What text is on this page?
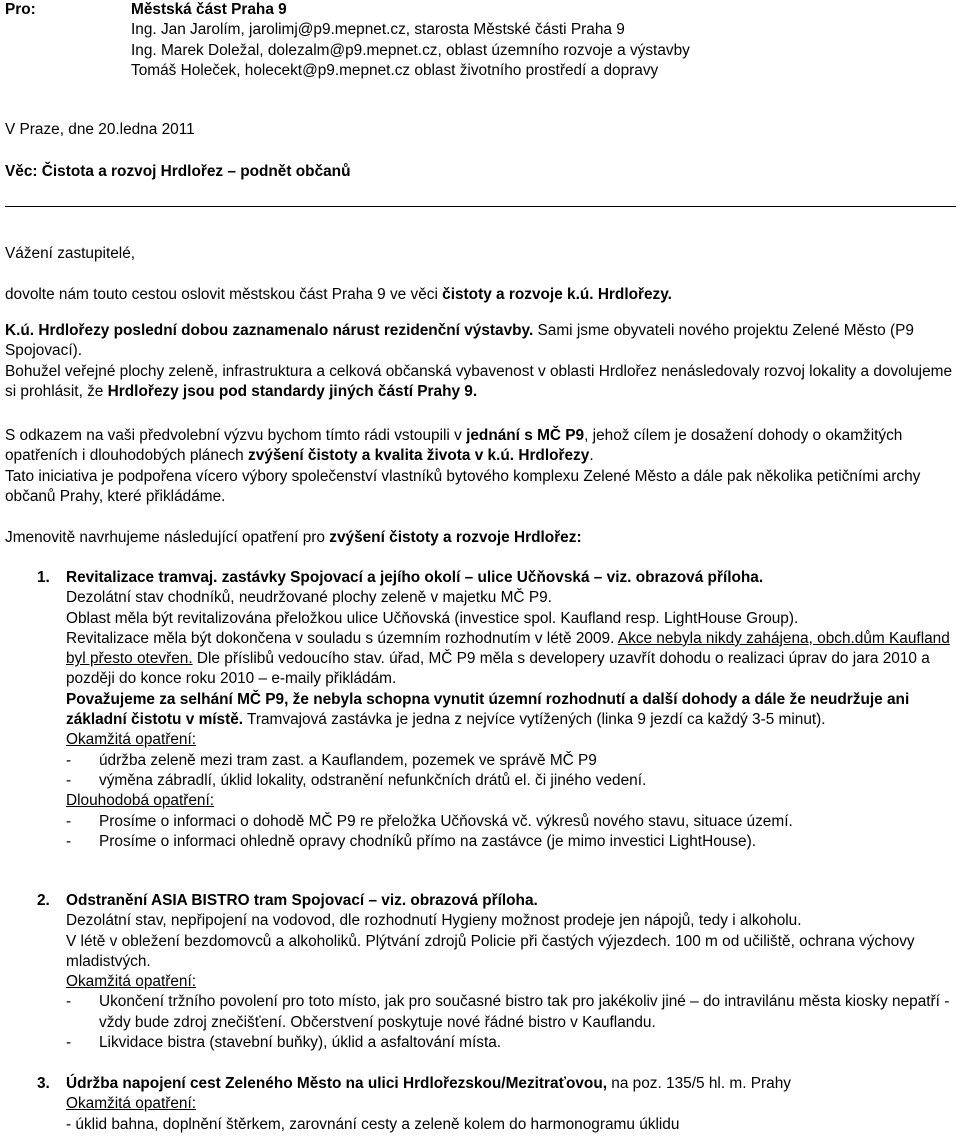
Pro:	Městská část Praha 9
Ing. Jan Jarolím, jarolimj@p9.mepnet.cz, starosta Městské části Praha 9
Ing. Marek Doležal, dolezalm@p9.mepnet.cz, oblast územního rozvoje a výstavby
Tomáš Holeček, holecekt@p9.mepnet.cz oblast životního prostředí a dopravy
V Praze, dne 20.ledna 2011
Věc: Čistota a rozvoj Hrdlořez – podnět občanů
Vážení zastupitelé,
dovolte nám touto cestou oslovit městskou část Praha 9 ve věci čistoty a rozvoje k.ú. Hrdlořezy.

K.ú. Hrdlořezy poslední dobou zaznamenalo nárust rezidenční výstavby. Sami jsme obyvateli nového projektu Zelené Město (P9 Spojovací).

Bohužel veřejné plochy zeleně, infrastruktura a celková občanská vybavenost v oblasti Hrdlořez nenásledovaly rozvoj lokality a dovolujeme si prohlásit, že Hrdlořezy jsou pod standardy jiných částí Prahy 9.

S odkazem na vaši předvolební výzvu bychom tímto rádi vstoupili v jednání s MČ P9, jehož cílem je dosažení dohody o okamžitých opatřeních i dlouhodobých plánech zvýšení čistoty a kvalita života v k.ú. Hrdlořezy.

Tato iniciativa je podpořena vícero výbory společenství vlastníků bytového komplexu Zelené Město a dále pak několika petičními archy občanů Prahy, které přikládáme.

Jmenovitě navrhujeme následující opatření pro zvýšení čistoty a rozvoje Hrdlořez:
1. Revitalizace tramvaj. zastávky Spojovací a jejího okolí – ulice Učňovská – viz. obrazová příloha.

Dezolátní stav chodníků, neudržované plochy zeleně v majetku MČ P9.

Oblast měla být revitalizována přeložkou ulice Učňovská (investice spol. Kaufland resp. LightHouse Group).

Revitalizace měla být dokončena v souladu s územním rozhodnutím v létě 2009. Akce nebyla nikdy zahájena, obch.dům Kaufland byl přesto otevřen. Dle příslibů vedoucího stav. úřad, MČ P9 měla s developery uzavřít dohodu o realizaci úprav do jara 2010 a později do konce roku 2010 – e-maily přikládám.

Považujeme za selhání MČ P9, že nebyla schopna vynutit územní rozhodnutí a další dohody a dále že neudržuje ani základní čistotu v místě. Tramvajová zastávka je jedna z nejvíce vytížených (linka 9 jezdí ca každý 3-5 minut).

Okamžitá opatření:

- údržba zeleně mezi tram zast. a Kauflandem, pozemek ve správě MČ P9
- výměna zábradlí, úklid lokality, odstranění nefunkčních drátů el. či jiného vedení.

Dlouhodobá opatření:

- Prosíme o informaci o dohodě MČ P9 re přeložka Učňovská vč. výkresů nového stavu, situace území.
- Prosíme o informaci ohledně opravy chodníků přímo na zastávce (je mimo investici LightHouse).
2. Odstranění ASIA BISTRO tram Spojovací – viz. obrazová příloha.

Dezolátní stav, nepřipojení na vodovod, dle rozhodnutí Hygieny možnost prodeje jen nápojů, tedy i alkoholu.

V létě v obležení bezdomovců a alkoholiků. Plýtvání zdrojů Policie při častých výjezdech. 100 m od učiliště, ochrana výchovy mladistvých.

Okamžitá opatření:

- Ukončení tržního povolení pro toto místo, jak pro současné bistro tak pro jakékoliv jiné – do intravilánu města kiosky nepatří - vždy bude zdroj znečišťení. Občerstvení poskytuje nové řádné bistro v Kauflandu.
- Likvidace bistra (stavební buňky), úklid a asfaltování místa.
3. Údržba napojení cest Zeleného Město na ulici Hrdlořezskou/Mezitraťovou, na poz. 135/5 hl. m. Prahy

Okamžitá opatření:

- úklid bahna, doplnění štěrkem, zarovnání cesty a zeleně kolem do harmonogramu úklidu
